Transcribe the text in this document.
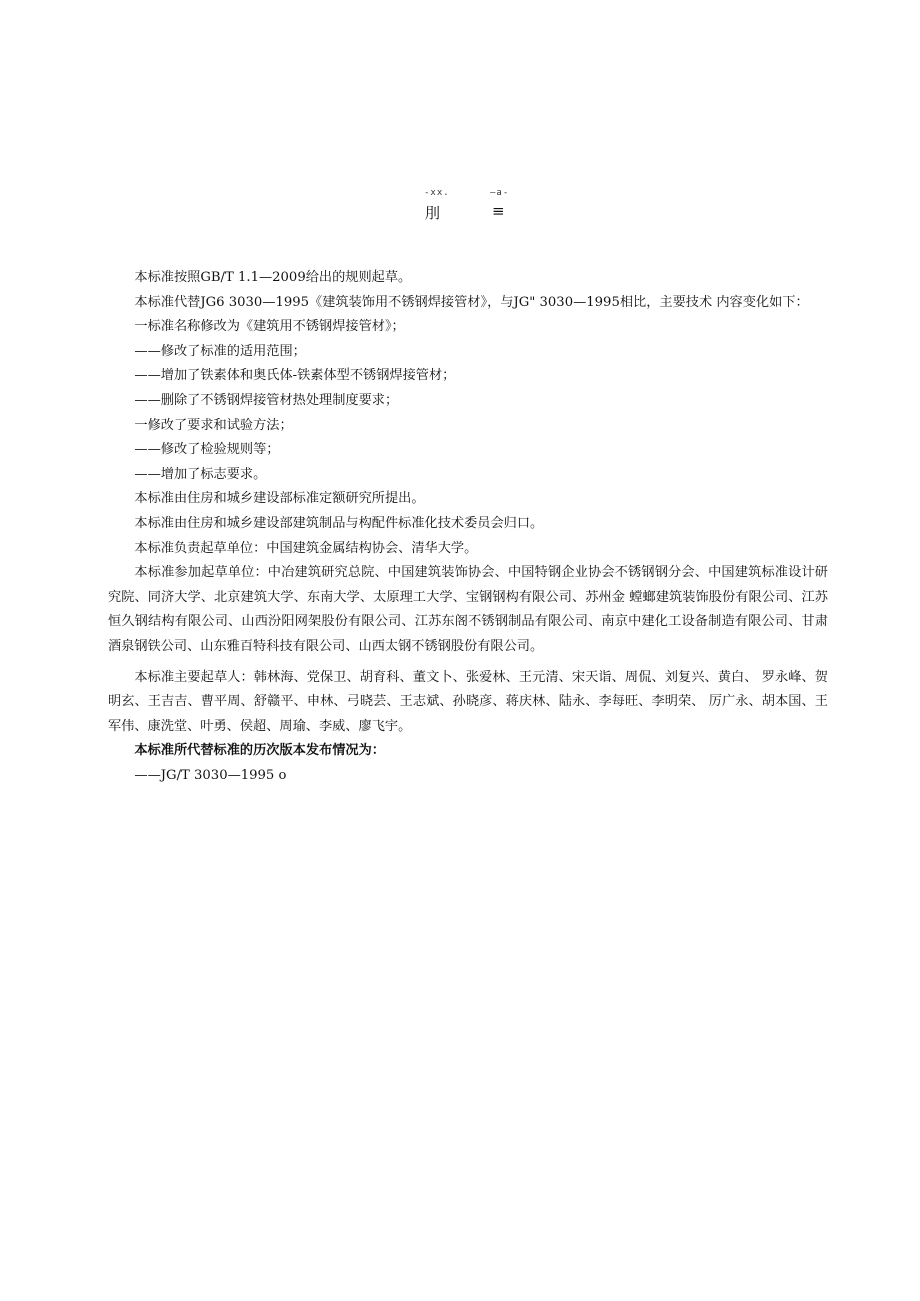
-xx.	—a-
刖	≡

本标准按照GB/T 1.1—2009给出的规则起草。

本标准代替JG6 3030—1995《建筑装饰用不锈钢焊接管材》，与JG" 3030—1995相比，主要技术 内容变化如下：

一标准名称修改为《建筑用不锈钢焊接管材》；

——修改了标准的适用范围；

——增加了铁素体和奥氏体-铁素体型不锈钢焊接管材；

——删除了不锈钢焊接管材热处理制度要求；

一修改了要求和试验方法；

——修改了检验规则等；

——增加了标志要求。

本标准由住房和城乡建设部标准定额研究所提出。

本标准由住房和城乡建设部建筑制品与构配件标准化技术委员会归口。

本标准负责起草单位：中国建筑金属结构协会、清华大学。

本标准参加起草单位：中冶建筑研究总院、中国建筑装饰协会、中国特钢企业协会不锈钢钢分会、中国建筑标准设计研究院、同济大学、北京建筑大学、东南大学、太原理工大学、宝钢钢构有限公司、苏州金 螳螂建筑装饰股份有限公司、江苏恒久钢结构有限公司、山西汾阳网架股份有限公司、江苏东阁不锈钢制品有限公司、南京中建化工设备制造有限公司、甘肃酒泉钢铁公司、山东雅百特科技有限公司、山西太钢不锈钢股份有限公司。

本标准主要起草人：韩林海、党保卫、胡育科、董文卜、张爱林、王元清、宋天诣、周侃、刘复兴、黄白、 罗永峰、贺明玄、王吉吉、曹平周、舒赣平、申林、弓晓芸、王志斌、孙晓彦、蒋庆林、陆永、李每旺、李明荣、 厉广永、胡本国、王军伟、康洗堂、叶勇、侯超、周瑜、李威、廖飞宇。

本标准所代替标准的历次版本发布情况为：

——JG/T 3030—1995 o
